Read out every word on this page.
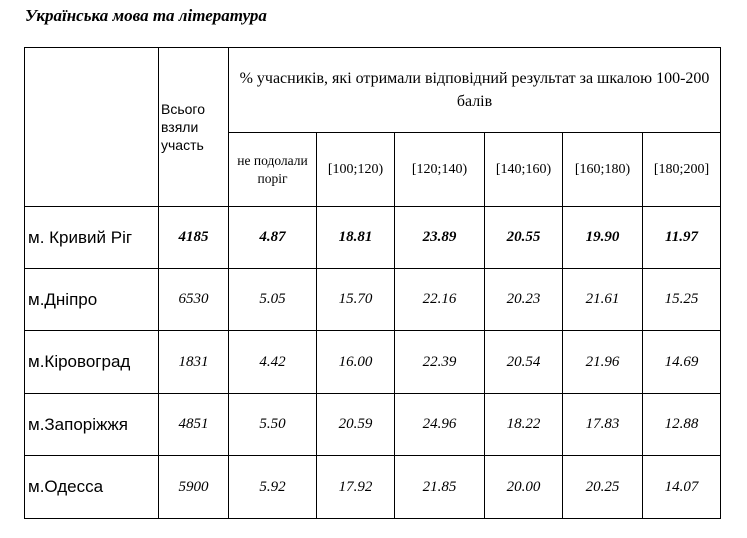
Українська мова та література
	Всього взяли участь	% учасників, які отримали відповідний результат за шкалою 100-200 балів					
		не подолали поріг	[100;120)	[120;140)	[140;160)	[160;180)	[180;200]
м. Кривий Ріг	4185	4.87	18.81	23.89	20.55	19.90	11.97
м.Дніпро	6530	5.05	15.70	22.16	20.23	21.61	15.25
м.Кіровоград	1831	4.42	16.00	22.39	20.54	21.96	14.69
м.Запоріжжя	4851	5.50	20.59	24.96	18.22	17.83	12.88
м.Одесса	5900	5.92	17.92	21.85	20.00	20.25	14.07
